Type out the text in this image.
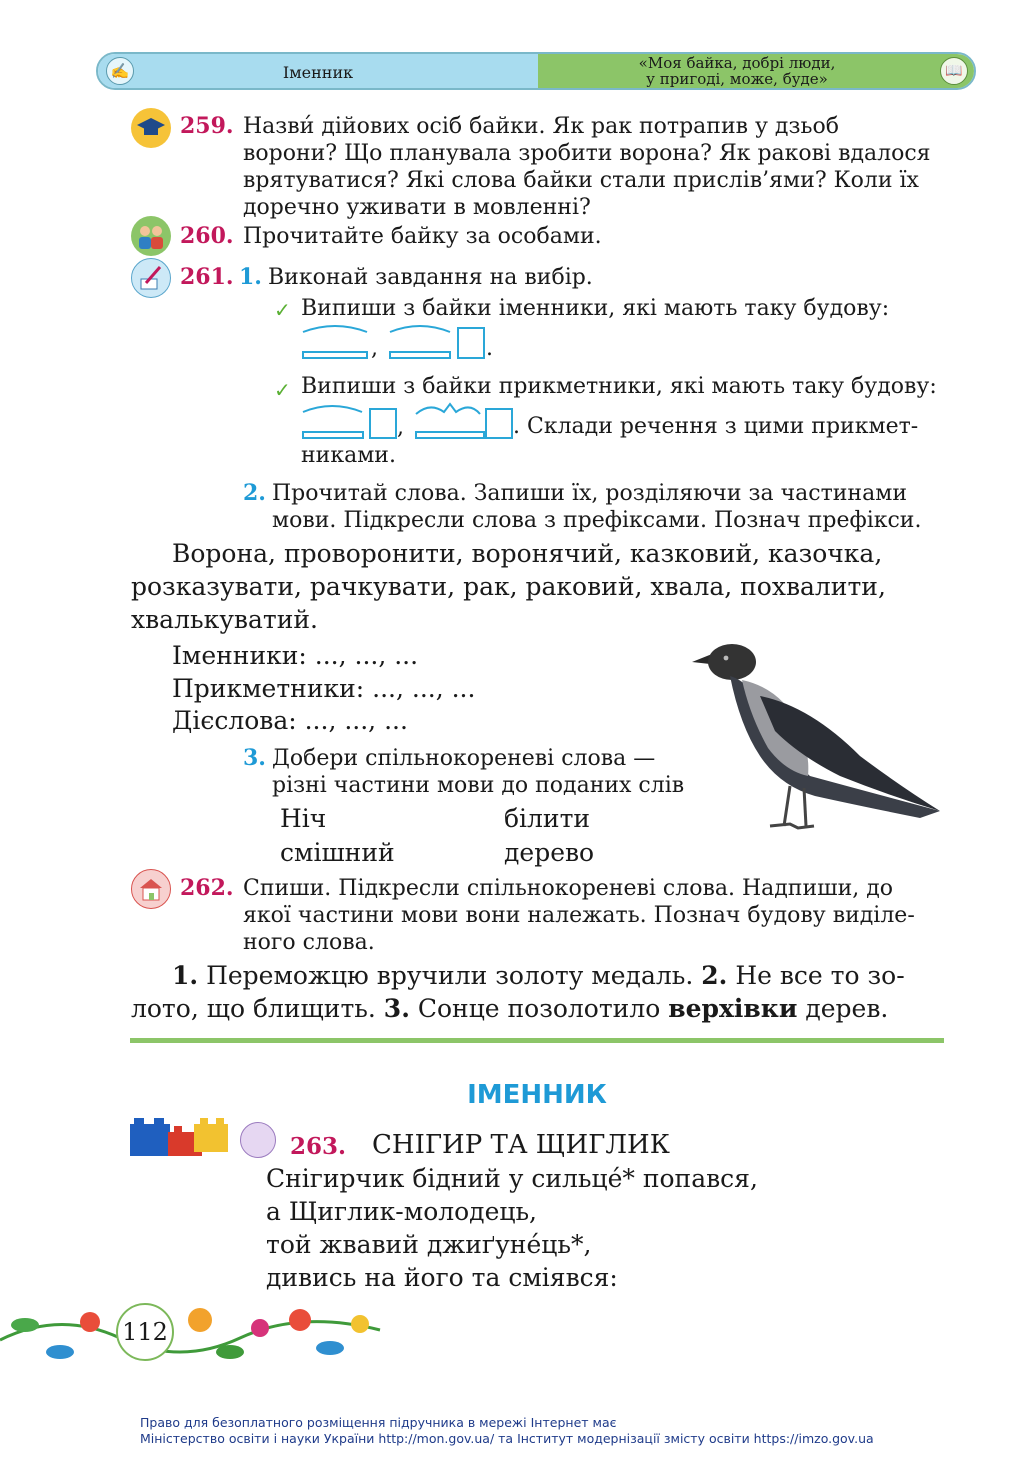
✍	Іменник	«Моя байка, добрі люди,
у пригоді, може, буде»	📖
259. Назви́ дійових осіб байки. Як рак потрапив у дзьоб
ворони? Що планувала зробити ворона? Як ракові вдалося
врятуватися? Які слова байки стали прислів’ями? Коли їх
доречно уживати в мовленні?
260. Прочитайте байку за особами.
261. 1. Виконай завдання на вибір.
✓ Випиши з байки іменники, які мають таку будову:
,	.
✓ Випиши з байки прикметники, які мають таку будову:
,	. Склади речення з цими прикмет-
никами.
2. Прочитай слова. Запиши їх, розділяючи за частинами
мови. Підкресли слова з префіксами. Познач префікси.
Ворона, проворонити, воронячий, казковий, казочка,
розказувати, рачкувати, рак, раковий, хвала, похвалити,
хвалькуватий.
Іменники: ..., ..., ...
Прикметники: ..., ..., ...
Дієслова: ..., ..., ...
3. Добери спільнокореневі слова —
різні частини мови до поданих слів
Ніч	білити
смішний	дерево
262. Спиши. Підкресли спільнокореневі слова. Надпиши, до
якої частини мови вони належать. Познач будову виділе-
ного слова.
1. Переможцю вручили золоту медаль. 2. Не все то зо-
лото, що блищить. 3. Сонце позолотило верхівки дерев.
ІМЕННИК
263. СНІГИР ТА ЩИГЛИК
Снігирчик бідний у сильце́* попався,
а Щиглик-молодець,
той жвавий джиґуне́ць*,
дивись на його та сміявся:
112
Право для безоплатного розміщення підручника в мережі Інтернет має
Міністерство освіти і науки України http://mon.gov.ua/ та Інститут модернізації змісту освіти https://imzo.gov.ua
